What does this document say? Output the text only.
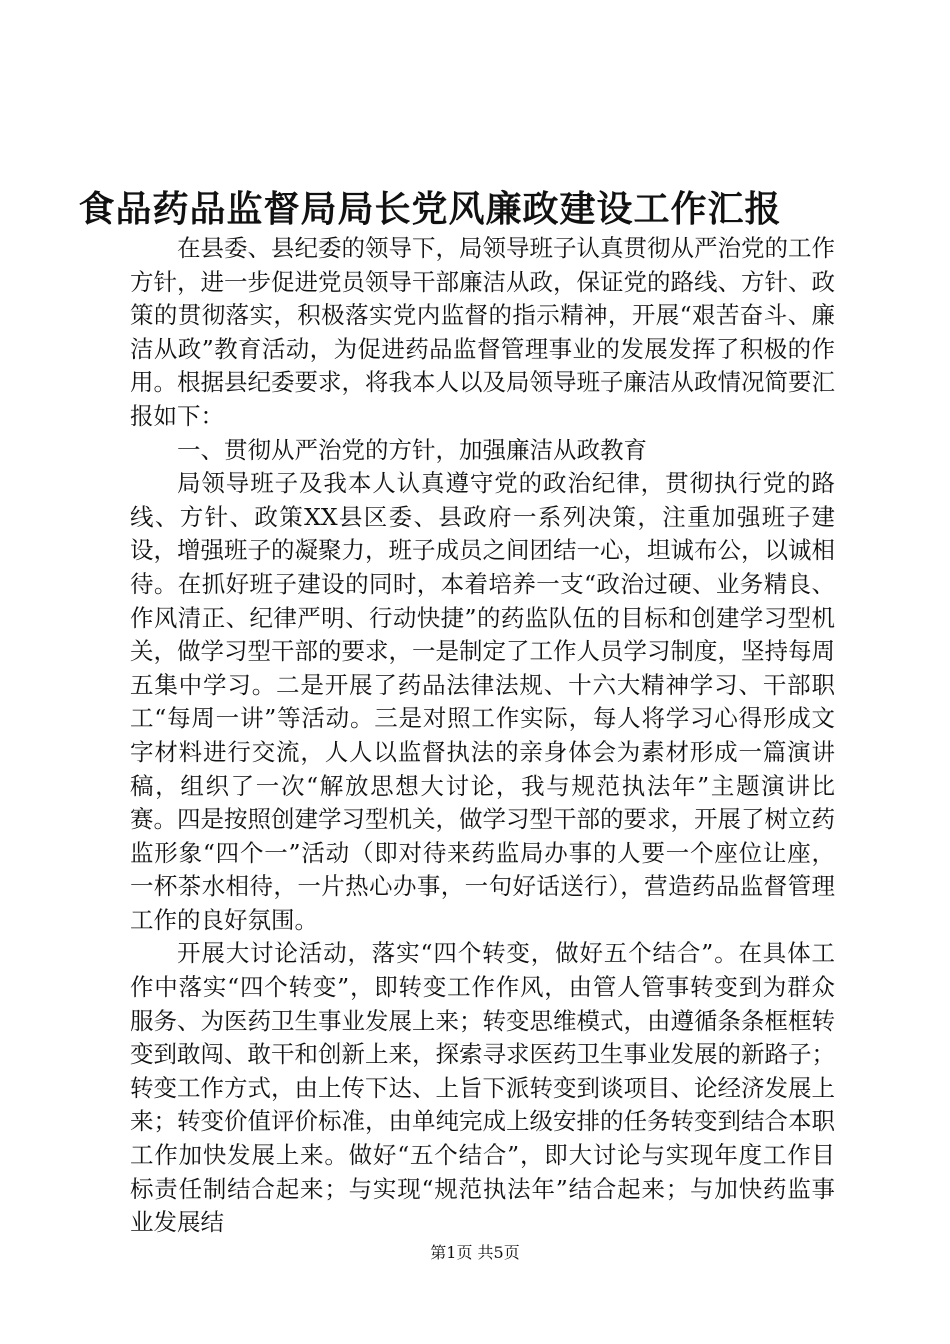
食品药品监督局局长党风廉政建设工作汇报

在县委、县纪委的领导下，局领导班子认真贯彻从严治党的工作方针，进一步促进党员领导干部廉洁从政，保证党的路线、方针、政策的贯彻落实，积极落实党内监督的指示精神，开展“艰苦奋斗、廉洁从政”教育活动，为促进药品监督管理事业的发展发挥了积极的作用。根据县纪委要求，将我本人以及局领导班子廉洁从政情况简要汇报如下：

一、贯彻从严治党的方针，加强廉洁从政教育

局领导班子及我本人认真遵守党的政治纪律，贯彻执行党的路线、方针、政策XX县区委、县政府一系列决策，注重加强班子建设，增强班子的凝聚力，班子成员之间团结一心，坦诚布公，以诚相待。在抓好班子建设的同时，本着培养一支“政治过硬、业务精良、作风清正、纪律严明、行动快捷”的药监队伍的目标和创建学习型机关，做学习型干部的要求，一是制定了工作人员学习制度，坚持每周五集中学习。二是开展了药品法律法规、十六大精神学习、干部职工“每周一讲”等活动。三是对照工作实际，每人将学习心得形成文字材料进行交流，人人以监督执法的亲身体会为素材形成一篇演讲稿，组织了一次“解放思想大讨论，我与规范执法年”主题演讲比赛。四是按照创建学习型机关，做学习型干部的要求，开展了树立药监形象“四个一”活动（即对待来药监局办事的人要一个座位让座，一杯茶水相待，一片热心办事，一句好话送行），营造药品监督管理工作的良好氛围。

开展大讨论活动，落实“四个转变，做好五个结合”。在具体工作中落实“四个转变”，即转变工作作风，由管人管事转变到为群众服务、为医药卫生事业发展上来；转变思维模式，由遵循条条框框转变到敢闯、敢干和创新上来，探索寻求医药卫生事业发展的新路子；转变工作方式，由上传下达、上旨下派转变到谈项目、论经济发展上来；转变价值评价标准，由单纯完成上级安排的任务转变到结合本职工作加快发展上来。做好“五个结合”，即大讨论与实现年度工作目标责任制结合起来；与实现“规范执法年”结合起来；与加快药监事业发展结

第1页 共5页
